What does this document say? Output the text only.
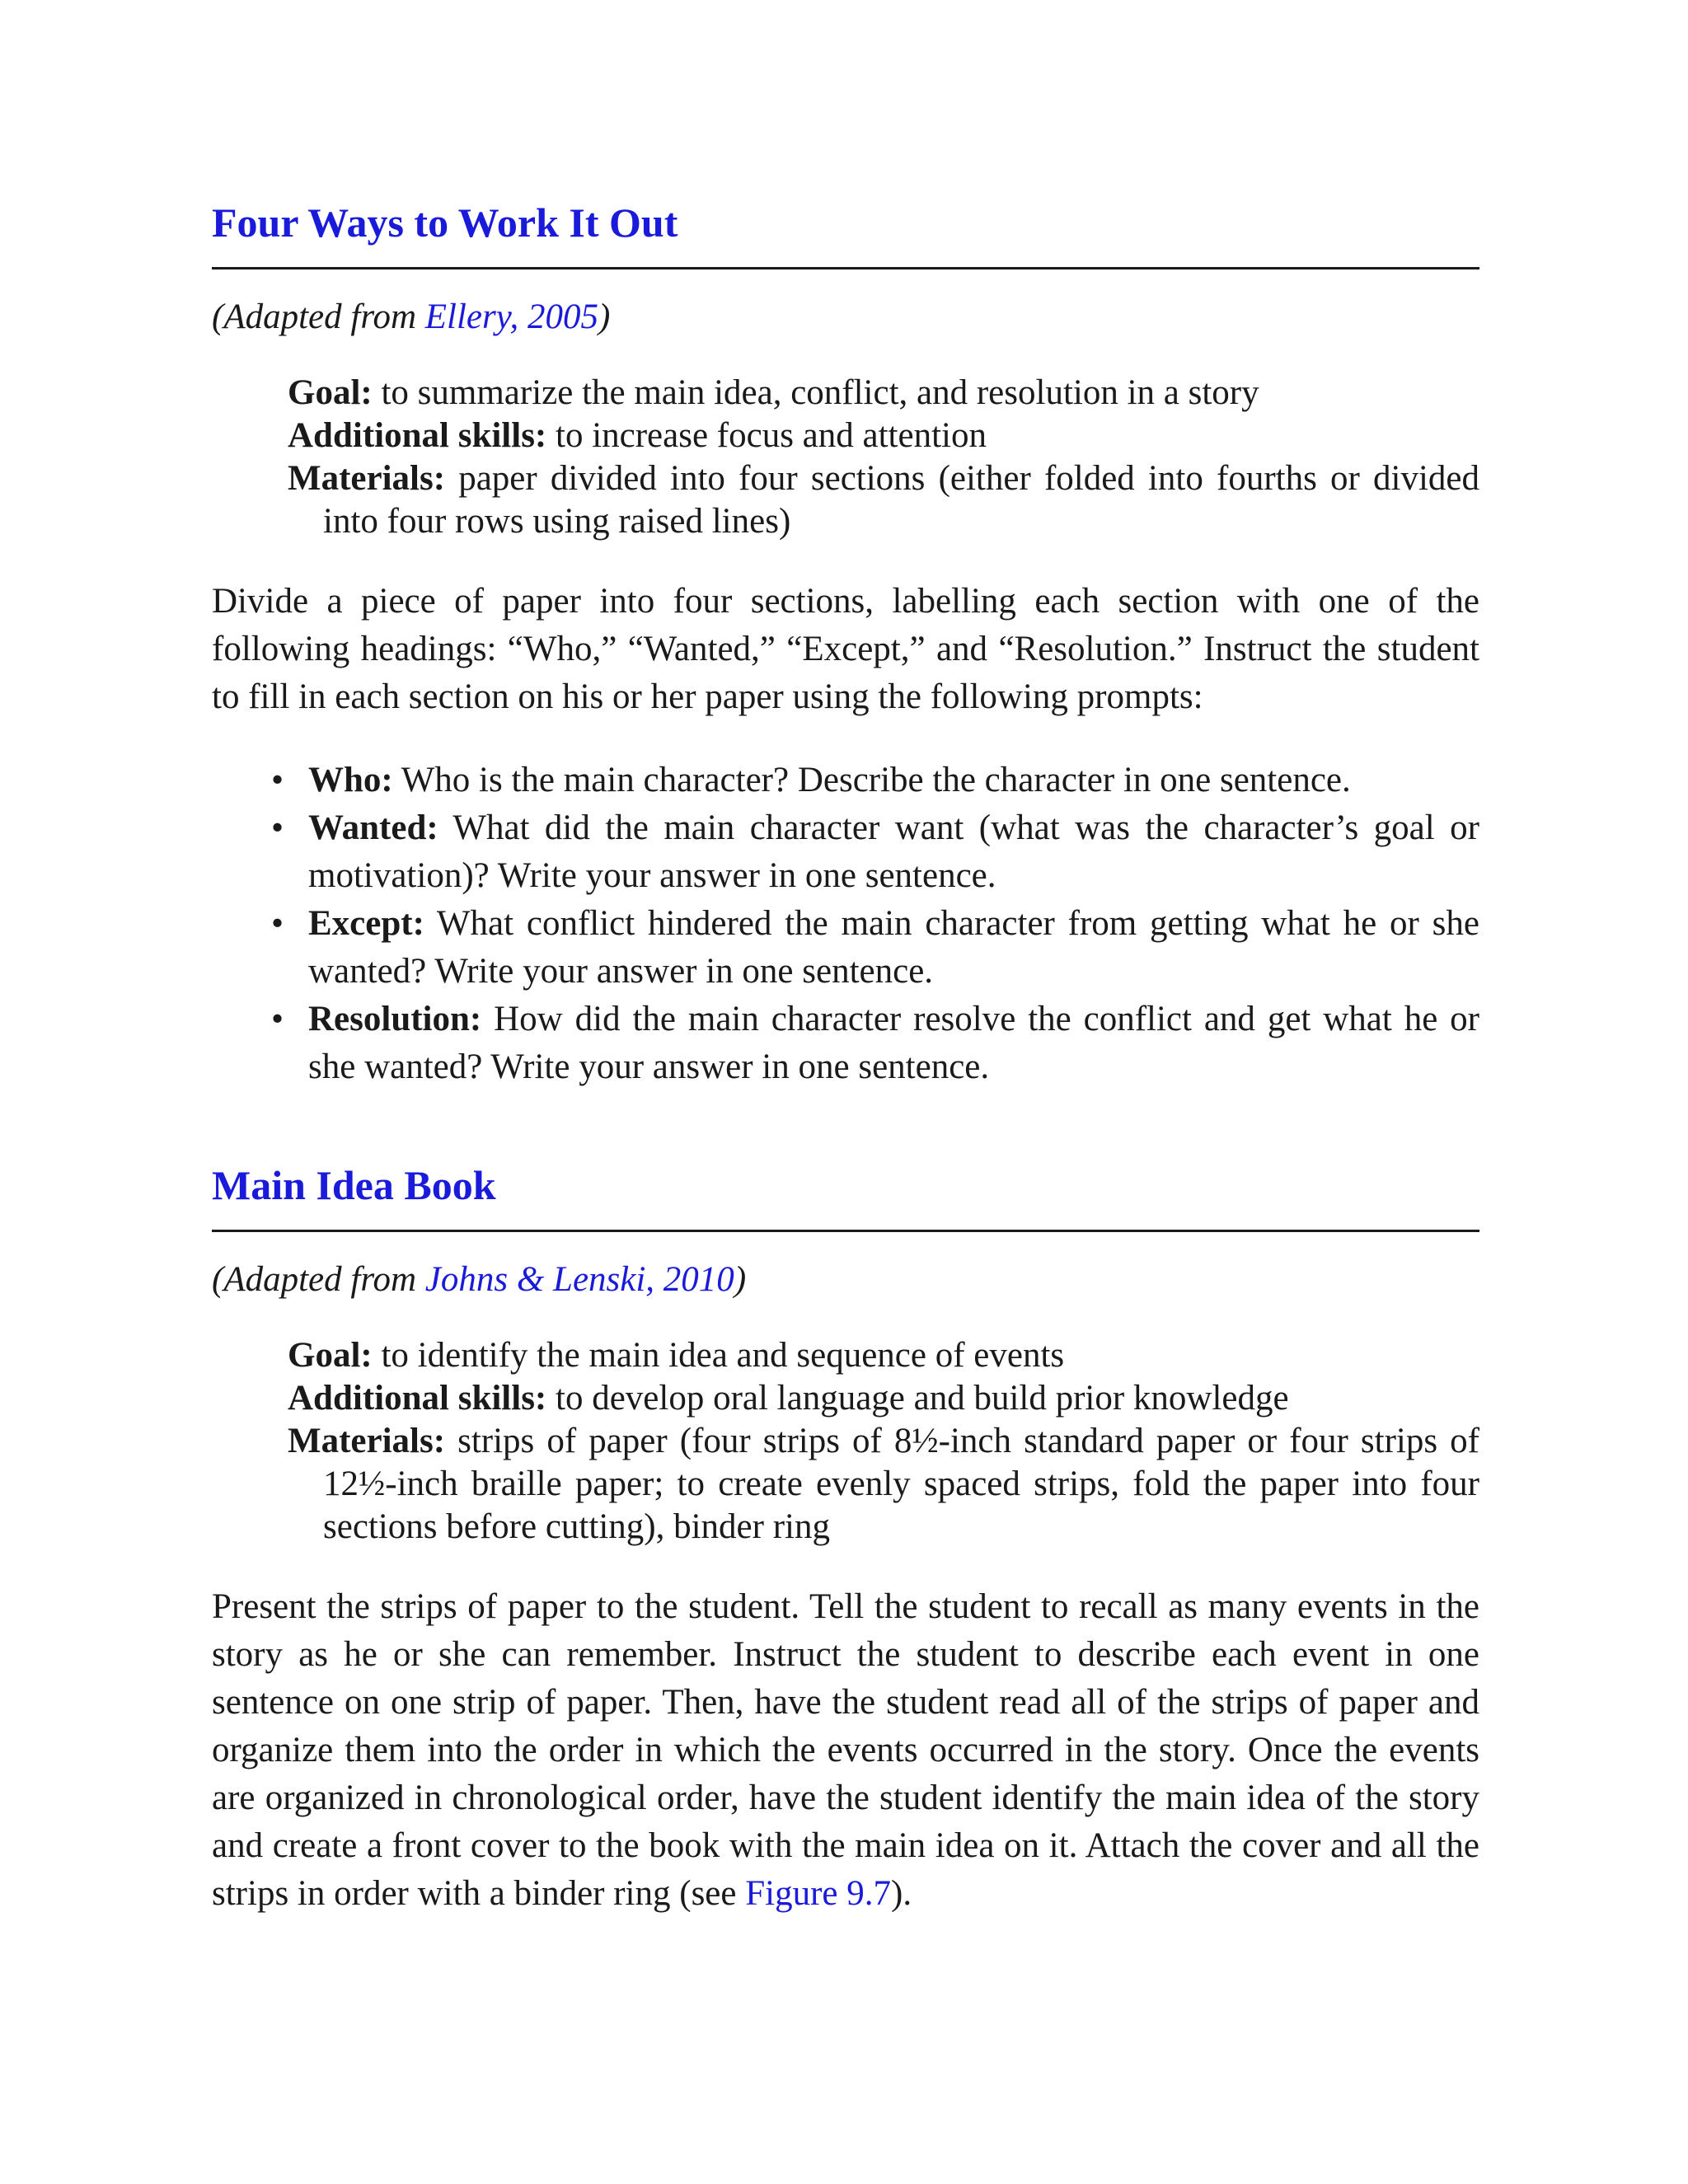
Four Ways to Work It Out
(Adapted from Ellery, 2005)
Goal: to summarize the main idea, conflict, and resolution in a story
Additional skills: to increase focus and attention
Materials: paper divided into four sections (either folded into fourths or divided into four rows using raised lines)

Divide a piece of paper into four sections, labelling each section with one of the following headings: “Who,” “Wanted,” “Except,” and “Resolution.” Instruct the student to fill in each section on his or her paper using the following prompts:

• Who: Who is the main character? Describe the character in one sentence.
• Wanted: What did the main character want (what was the character’s goal or motivation)? Write your answer in one sentence.
• Except: What conflict hindered the main character from getting what he or she wanted? Write your answer in one sentence.
• Resolution: How did the main character resolve the conflict and get what he or she wanted? Write your answer in one sentence.
Main Idea Book
(Adapted from Johns & Lenski, 2010)
Goal: to identify the main idea and sequence of events
Additional skills: to develop oral language and build prior knowledge
Materials: strips of paper (four strips of 8½-inch standard paper or four strips of 12½-inch braille paper; to create evenly spaced strips, fold the paper into four sections before cutting), binder ring

Present the strips of paper to the student. Tell the student to recall as many events in the story as he or she can remember. Instruct the student to describe each event in one sentence on one strip of paper. Then, have the student read all of the strips of paper and organize them into the order in which the events occurred in the story. Once the events are organized in chronological order, have the student identify the main idea of the story and create a front cover to the book with the main idea on it. Attach the cover and all the strips in order with a binder ring (see Figure 9.7).
